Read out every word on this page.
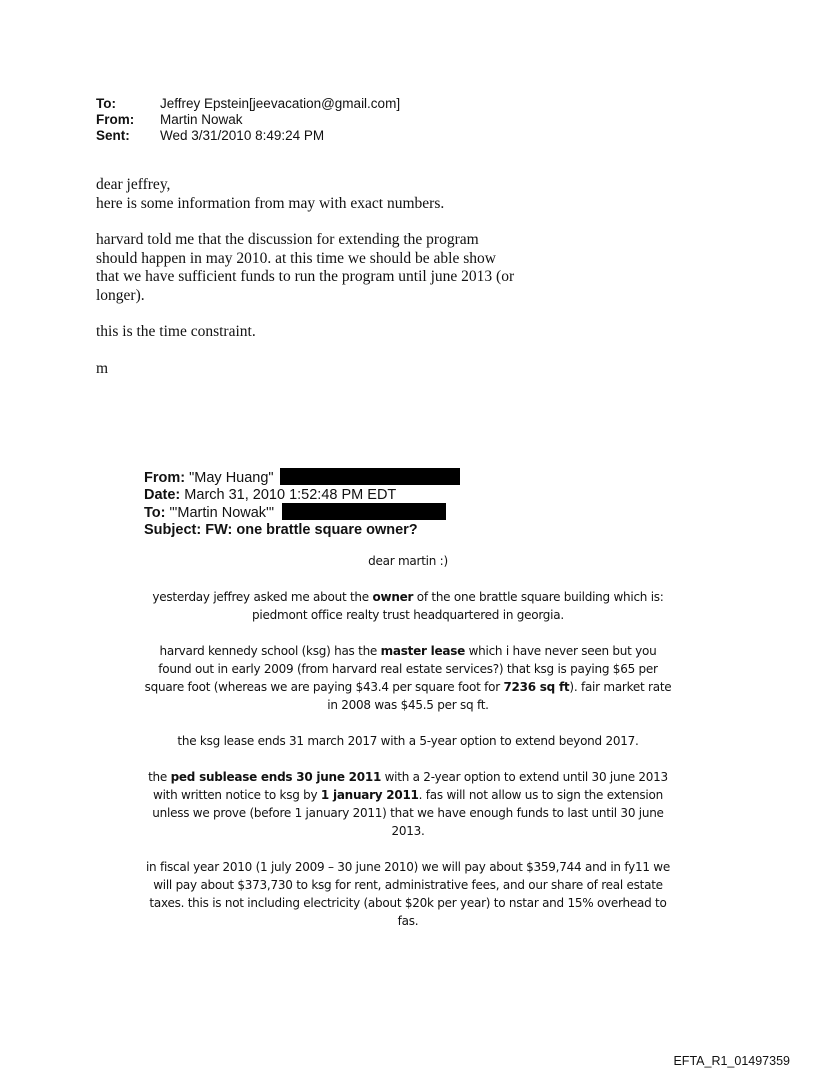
To:	Jeffrey Epstein[jeevacation@gmail.com]
From:	Martin Nowak
Sent:	Wed 3/31/2010 8:49:24 PM

dear jeffrey,
here is some information from may with exact numbers.

harvard told me that the discussion for extending the program should happen in may 2010. at this time we should be able show that we have sufficient funds to run the program until june 2013 (or longer).

this is the time constraint.

m

From: "May Huang"
Date: March 31, 2010 1:52:48 PM EDT
To: "'Martin Nowak'"
Subject: FW: one brattle square owner?

dear martin :)

yesterday jeffrey asked me about the owner of the one brattle square building which is: piedmont office realty trust headquartered in georgia.

harvard kennedy school (ksg) has the master lease which i have never seen but you found out in early 2009 (from harvard real estate services?) that ksg is paying $65 per square foot (whereas we are paying $43.4 per square foot for 7236 sq ft). fair market rate in 2008 was $45.5 per sq ft.

the ksg lease ends 31 march 2017 with a 5-year option to extend beyond 2017.

the ped sublease ends 30 june 2011 with a 2-year option to extend until 30 june 2013 with written notice to ksg by 1 january 2011. fas will not allow us to sign the extension unless we prove (before 1 january 2011) that we have enough funds to last until 30 june 2013.

in fiscal year 2010 (1 july 2009 – 30 june 2010) we will pay about $359,744 and in fy11 we will pay about $373,730 to ksg for rent, administrative fees, and our share of real estate taxes. this is not including electricity (about $20k per year) to nstar and 15% overhead to fas.

EFTA_R1_01497359
